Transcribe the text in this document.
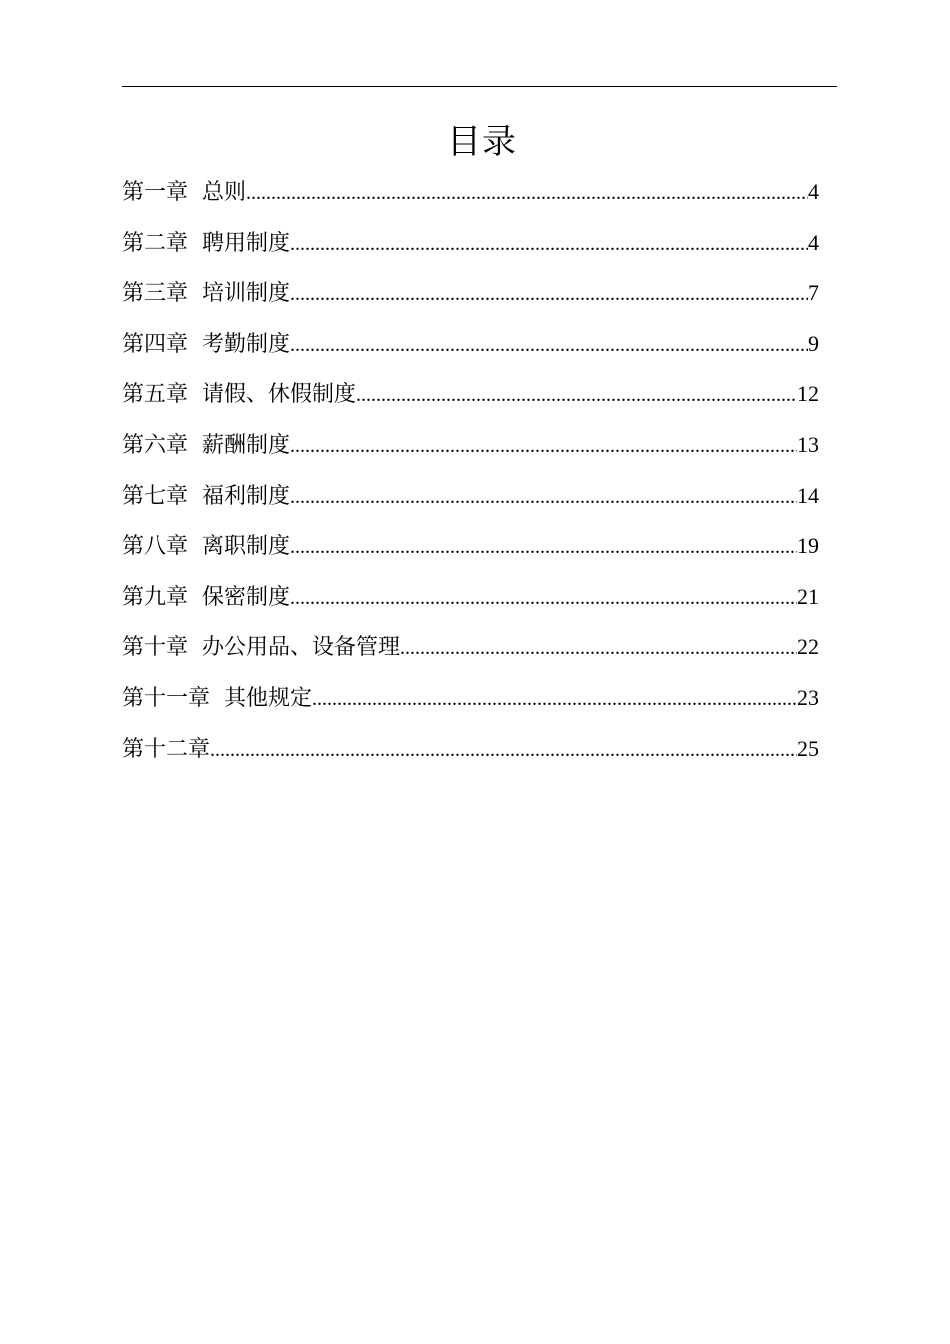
目录
第一章 总则 .....	4
第二章 聘用制度 .....	4
第三章 培训制度 .....	7
第四章 考勤制度 .....	9
第五章 请假、休假制度 .....	12
第六章 薪酬制度 .....	13
第七章 福利制度 .....	14
第八章 离职制度 .....	19
第九章 保密制度 .....	21
第十章 办公用品、设备管理 .....	22
第十一章 其他规定 .....	23
第十二章 .....	25
